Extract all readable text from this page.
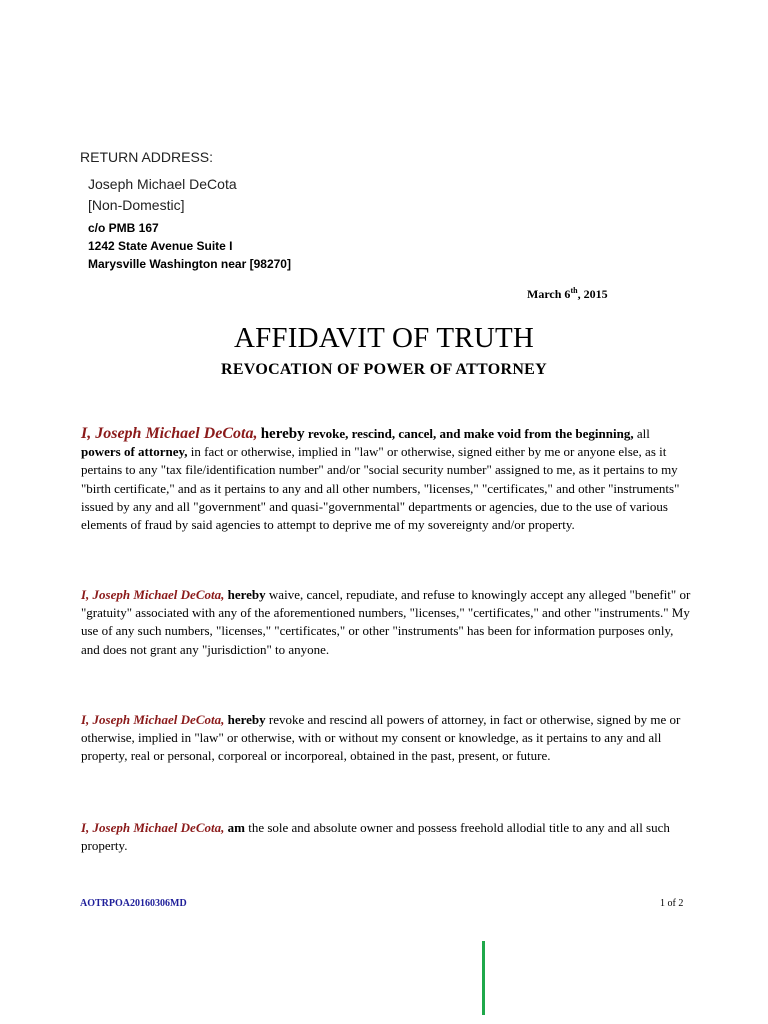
RETURN ADDRESS:
Joseph Michael DeCota
[Non-Domestic]
c/o PMB 167
1242 State Avenue Suite I
Marysville Washington near [98270]
March 6th, 2015
AFFIDAVIT OF TRUTH
REVOCATION OF POWER OF ATTORNEY
I, Joseph Michael DeCota, hereby revoke, rescind, cancel, and make void from the beginning, all powers of attorney, in fact or otherwise, implied in "law" or otherwise, signed either by me or anyone else, as it pertains to any "tax file/identification number" and/or "social security number" assigned to me, as it pertains to my "birth certificate," and as it pertains to any and all other numbers, "licenses," "certificates," and other "instruments" issued by any and all "government" and quasi-"governmental" departments or agencies, due to the use of various elements of fraud by said agencies to attempt to deprive me of my sovereignty and/or property.
I, Joseph Michael DeCota, hereby waive, cancel, repudiate, and refuse to knowingly accept any alleged "benefit" or "gratuity" associated with any of the aforementioned numbers, "licenses," "certificates," and other "instruments." My use of any such numbers, "licenses," "certificates," or other "instruments" has been for information purposes only, and does not grant any "jurisdiction" to anyone.
I, Joseph Michael DeCota, hereby revoke and rescind all powers of attorney, in fact or otherwise, signed by me or otherwise, implied in "law" or otherwise, with or without my consent or knowledge, as it pertains to any and all property, real or personal, corporeal or incorporeal, obtained in the past, present, or future.
I, Joseph Michael DeCota, am the sole and absolute owner and possess freehold allodial title to any and all such property.
AOTRPOA20160306MD	1 of 2
